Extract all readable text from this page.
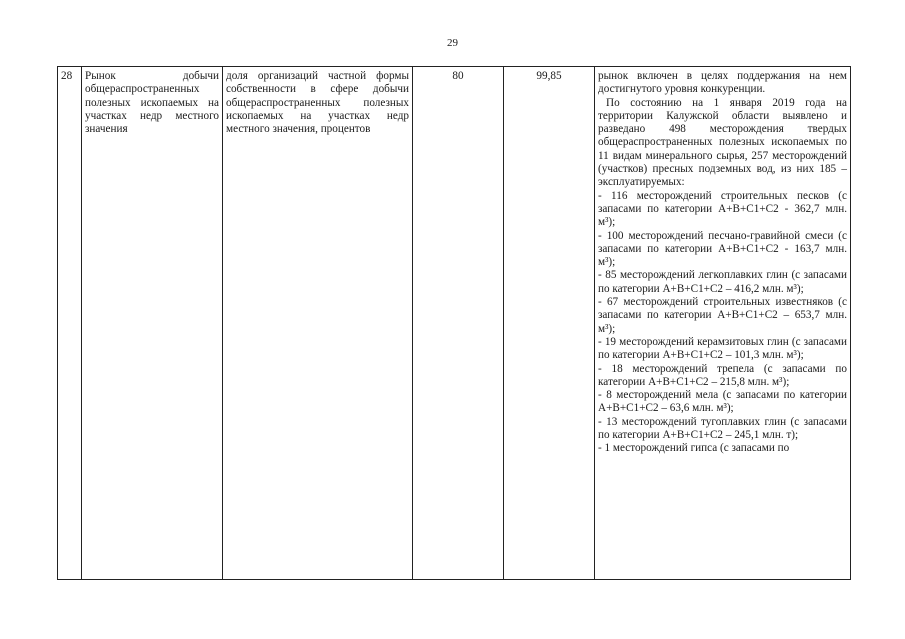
29
28	Рынок добычи общераспространенных полезных ископаемых на участках недр местного значения	доля организаций частной формы собственности в сфере добычи общераспространенных полезных ископаемых на участках недр местного значения, процентов	80	99,85	рынок включен в целях поддержания на нем достигнутого уровня конкуренции.

По состоянию на 1 января 2019 года на территории Калужской области выявлено и разведано 498 месторождения твердых общераспространенных полезных ископаемых по 11 видам минерального сырья, 257 месторождений (участков) пресных подземных вод, из них 185 – эксплуатируемых:

- 116 месторождений строительных песков (с запасами по категории A+B+C1+C2 - 362,7 млн. м³);

- 100 месторождений песчано-гравийной смеси (с запасами по категории A+B+C1+C2 - 163,7 млн. м³);

- 85 месторождений легкоплавких глин (с запасами по категории A+B+C1+C2 – 416,2 млн. м³);

- 67 месторождений строительных известняков (с запасами по категории A+B+C1+C2 – 653,7 млн. м³);

- 19 месторождений керамзитовых глин (с запасами по категории A+B+C1+C2 – 101,3 млн. м³);

- 18 месторождений трепела (с запасами по категории A+B+C1+C2 – 215,8 млн. м³);

- 8 месторождений мела (с запасами по категории A+B+C1+C2 – 63,6 млн. м³);

- 13 месторождений тугоплавких глин (с запасами по категории A+B+C1+C2 – 245,1 млн. т);

- 1 месторождений гипса (с запасами по
